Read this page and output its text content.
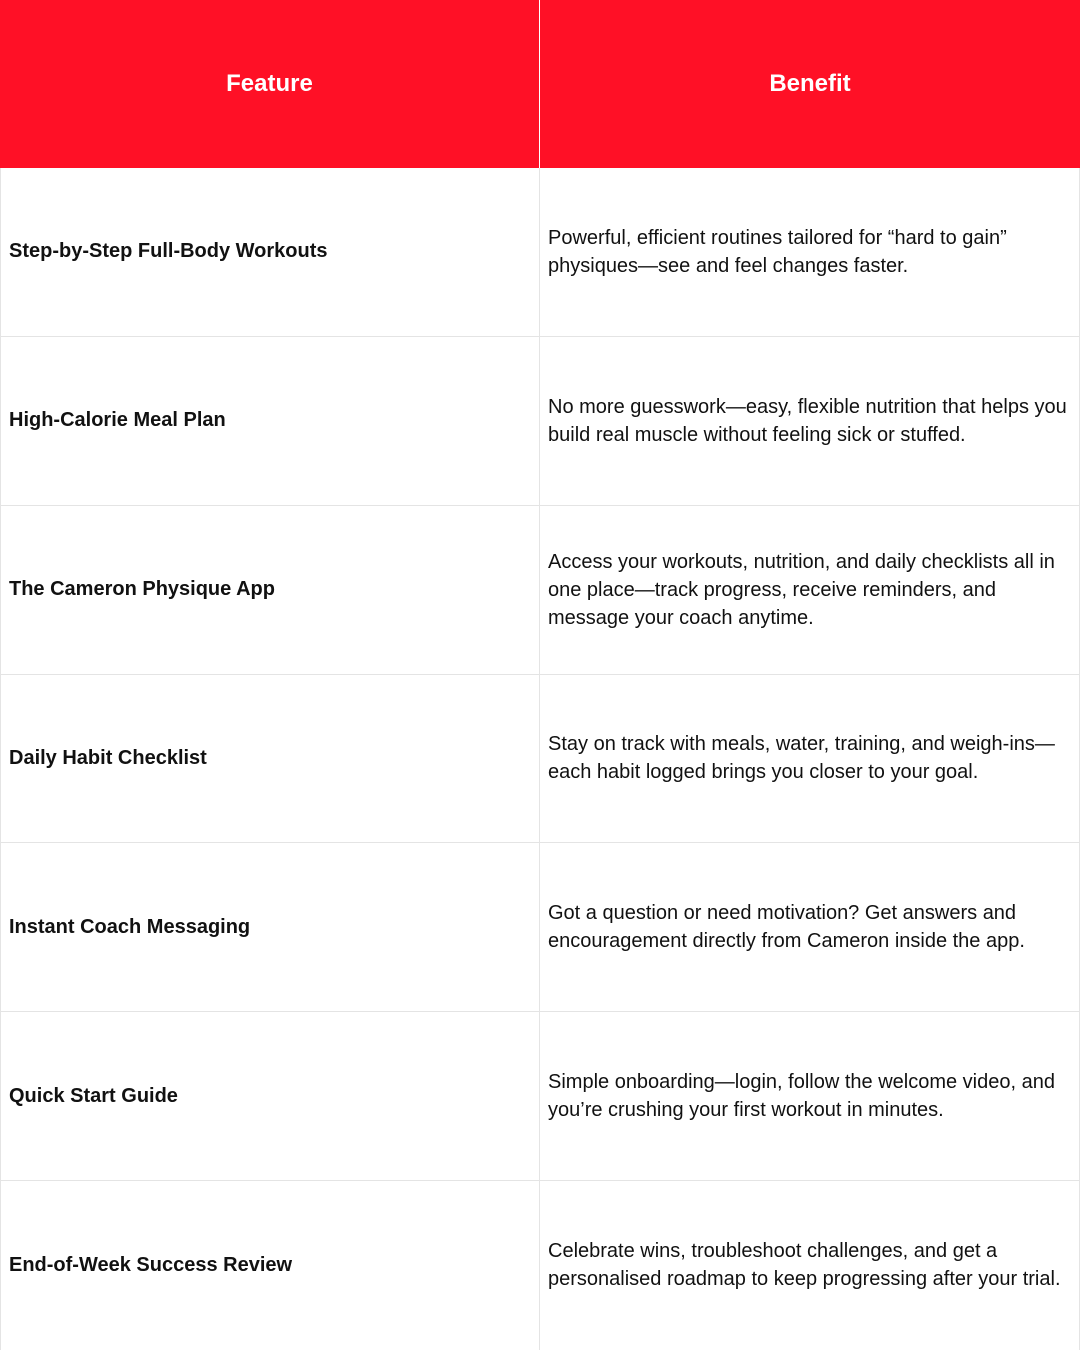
Feature	Benefit
Step-by-Step Full-Body Workouts
Powerful, efficient routines tailored for “hard to gain” physiques—see and feel changes faster.
High-Calorie Meal Plan
No more guesswork—easy, flexible nutrition that helps you build real muscle without feeling sick or stuffed.
The Cameron Physique App
Access your workouts, nutrition, and daily checklists all in one place—track progress, receive reminders, and message your coach anytime.
Daily Habit Checklist
Stay on track with meals, water, training, and weigh-ins—each habit logged brings you closer to your goal.
Instant Coach Messaging
Got a question or need motivation? Get answers and encouragement directly from Cameron inside the app.
Quick Start Guide
Simple onboarding—login, follow the welcome video, and you’re crushing your first workout in minutes.
End-of-Week Success Review
Celebrate wins, troubleshoot challenges, and get a personalised roadmap to keep progressing after your trial.
